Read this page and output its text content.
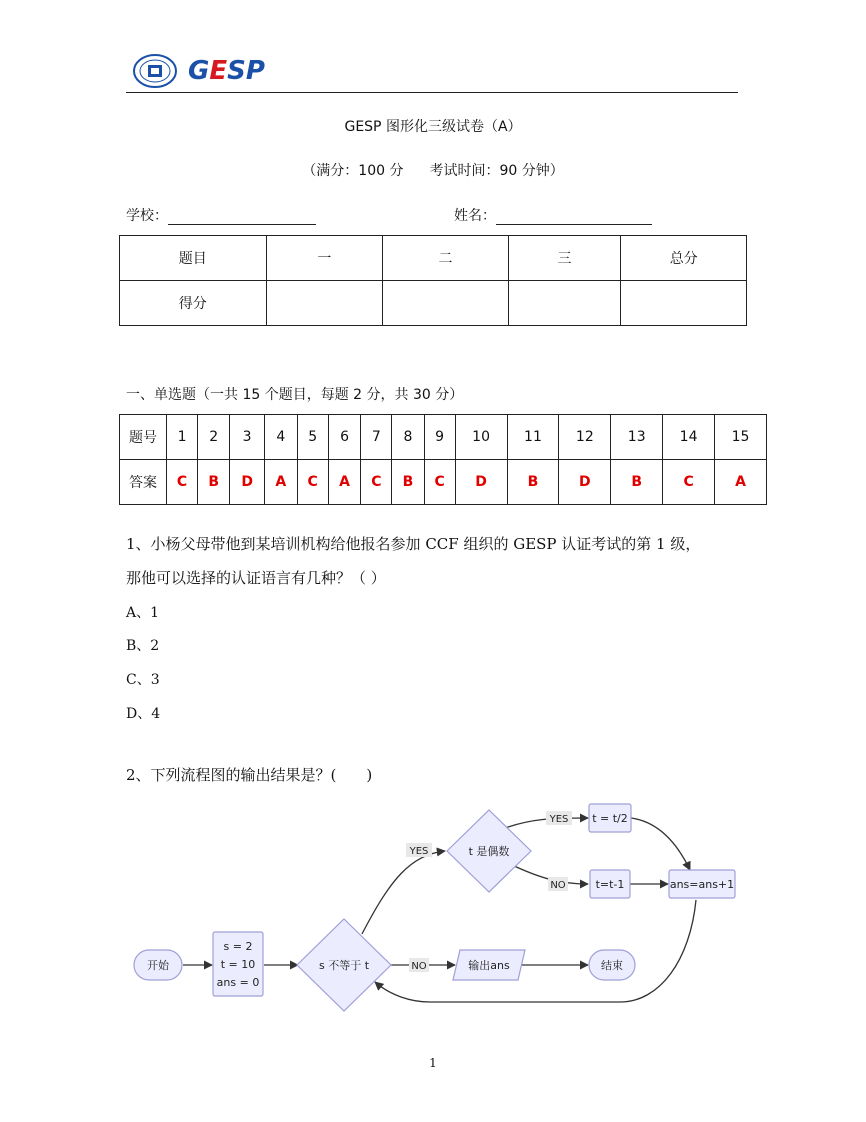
GESP
GESP 图形化三级试卷（A）
（满分：100 分 考试时间：90 分钟）
学校：	姓名：
题目	一	二	三	总分
得分				
一、单选题（一共 15 个题目，每题 2 分，共 30 分）
题号	1	2	3	4	5	6	7	8	9	10	11	12	13	14	15
答案	C	B	D	A	C	A	C	B	C	D	B	D	B	C	A
1、小杨父母带他到某培训机构给他报名参加 CCF 组织的 GESP 认证考试的第 1 级，
那他可以选择的认证语言有几种？（ ）
A、1
B、2
C、3
D、4
2、下列流程图的输出结果是？(　　)
YES
YES
NO
NO
开始
s = 2
t = 10
ans = 0
s 不等于 t
t 是偶数
t = t/2
t=t-1	ans=ans+1
输出ans	结束
1
